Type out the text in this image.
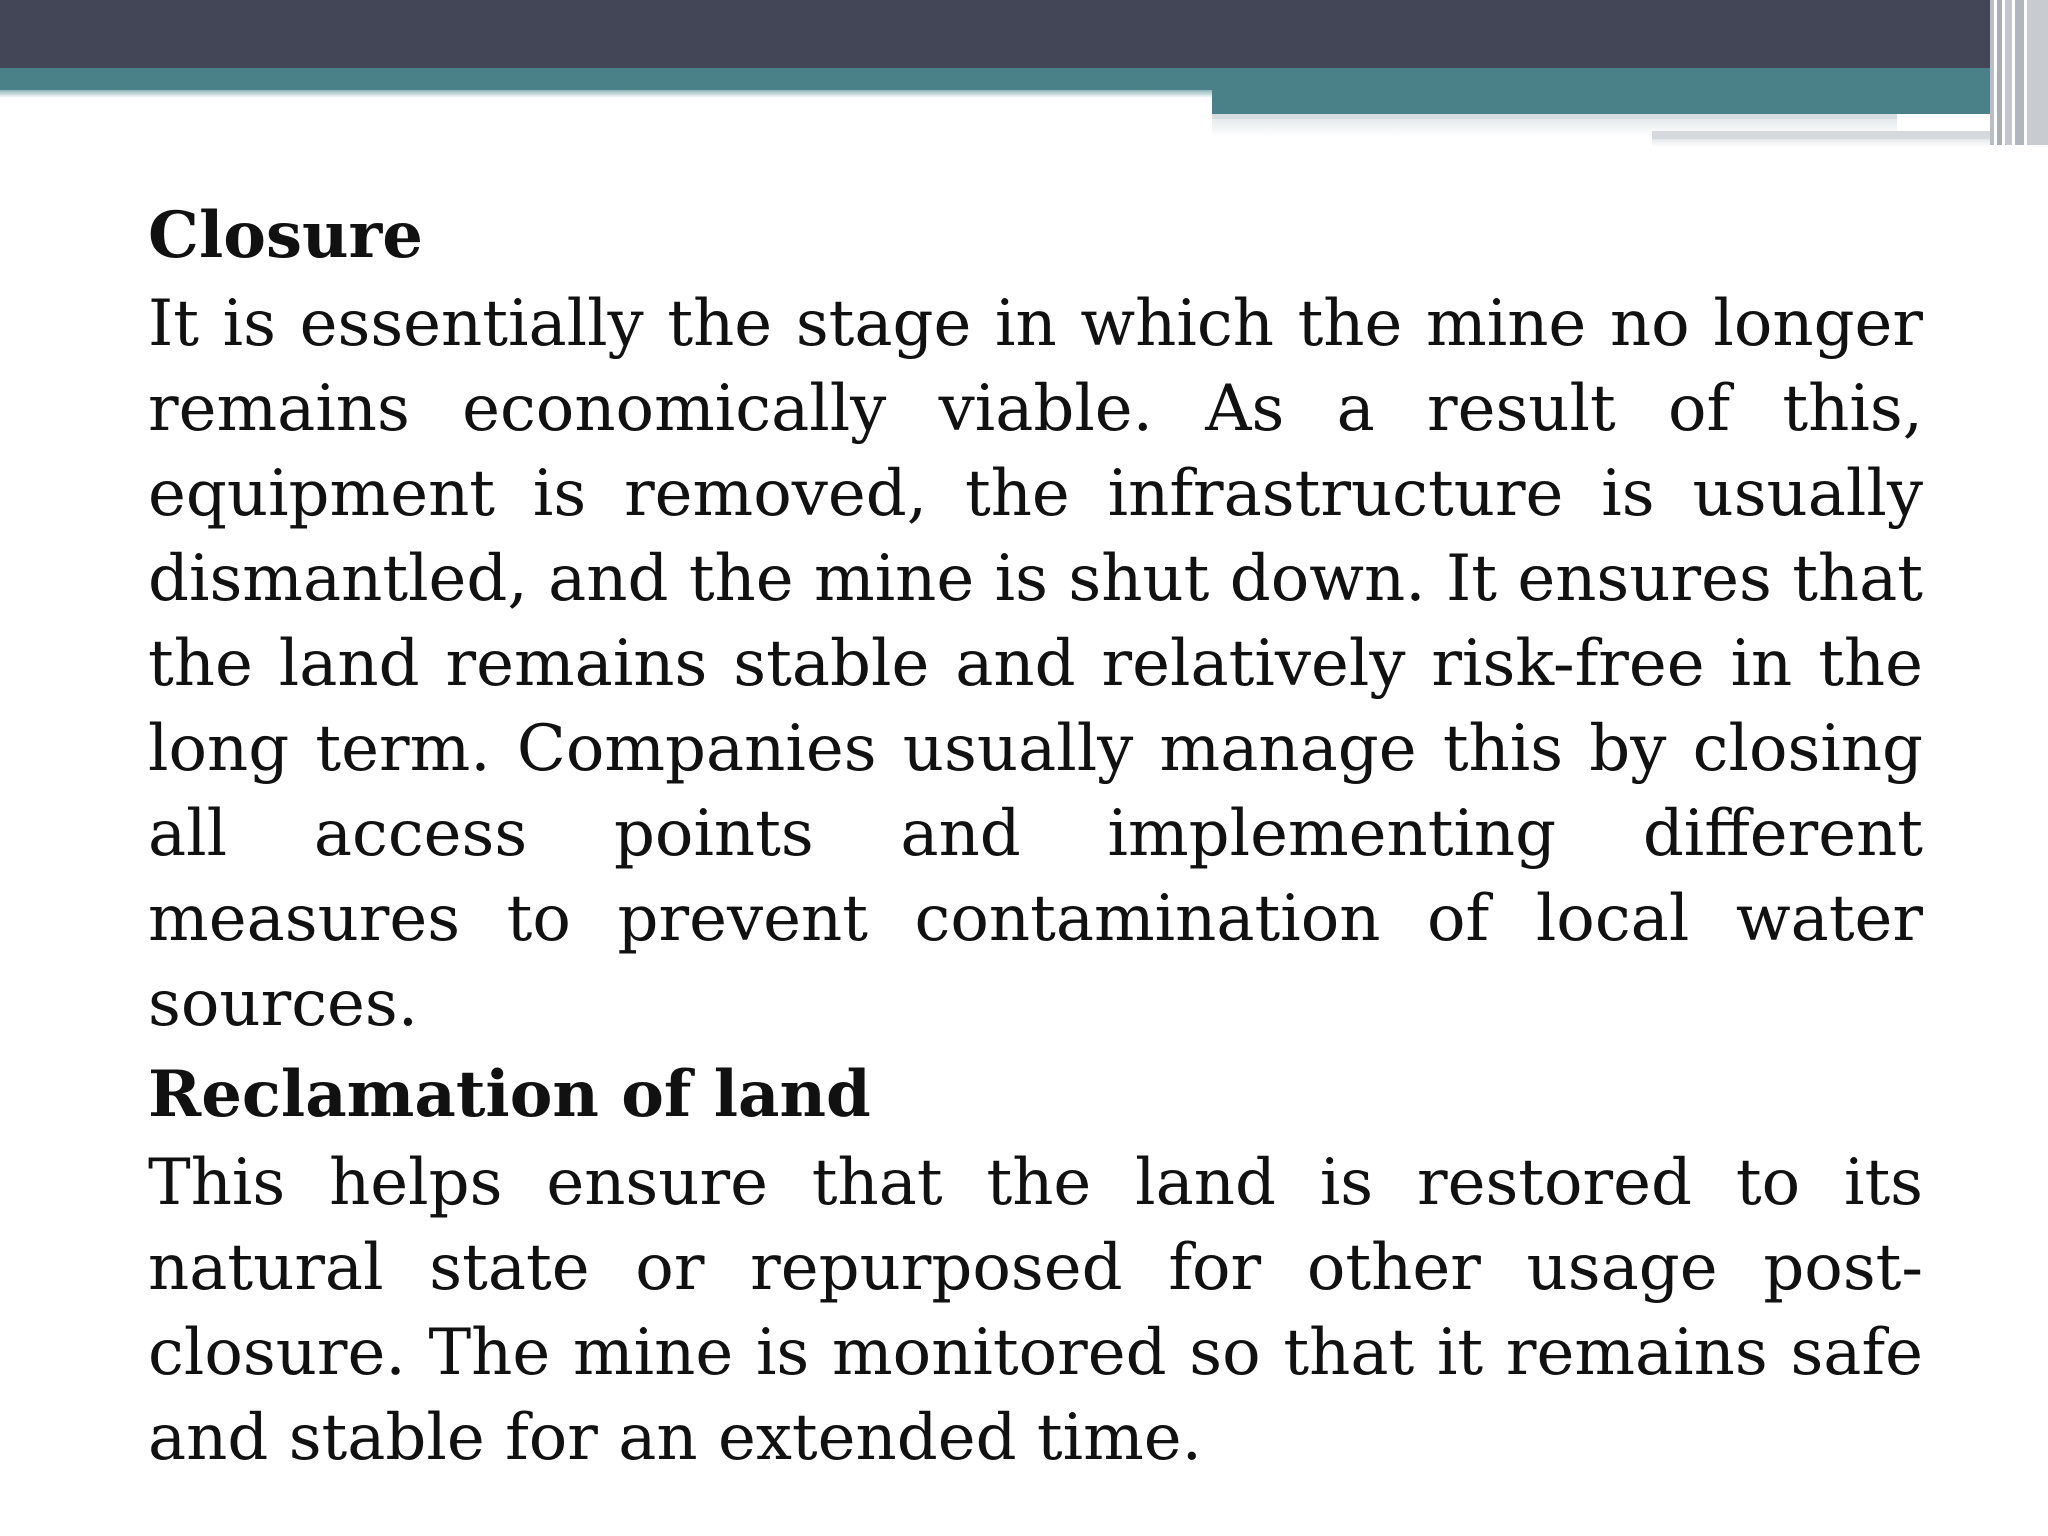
Closure

It is essentially the stage in which the mine no longer remains economically viable. As a result of this, equipment is removed, the infrastructure is usually dismantled, and the mine is shut down. It ensures that the land remains stable and relatively risk-free in the long term. Companies usually manage this by closing all access points and implementing different measures to prevent contamination of local water sources.

Reclamation of land

This helps ensure that the land is restored to its natural state or repurposed for other usage post-closure. The mine is monitored so that it remains safe and stable for an extended time.
